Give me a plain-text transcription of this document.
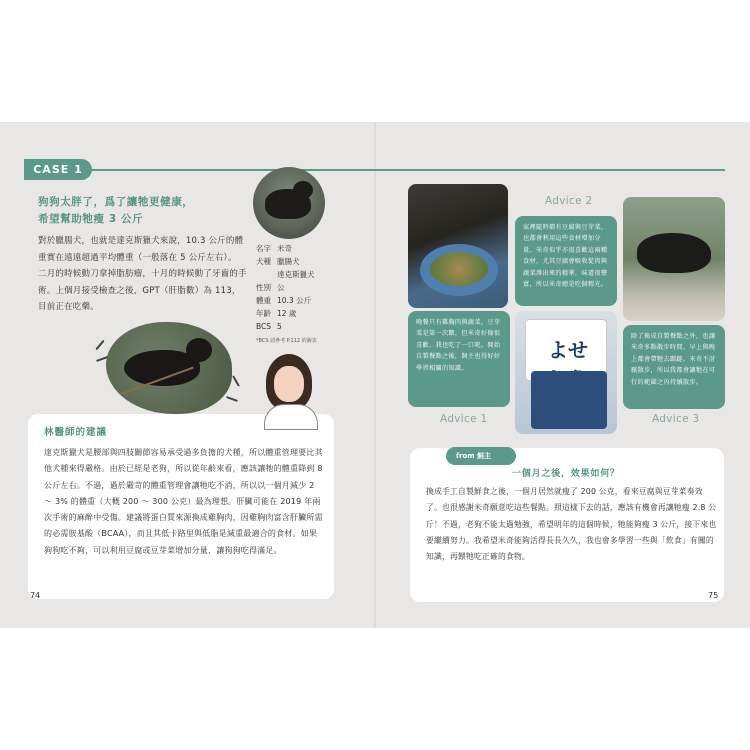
CASE 1
狗狗太胖了，爲了讓牠更健康，
希望幫助牠瘦 3 公斤

對於臘腸犬，也就是達克斯獵犬來說，10.3 公斤的體重實在遠遠超過平均體重（一般落在 5 公斤左右）。

二月的時候動刀拿掉脂肪瘤，十月的時候動了牙齒的手術。上個月接受檢查之後，GPT（肝脂數）為 113，目前正在吃藥。

名字 米奇
犬種 臘腸犬
達克斯獵犬
性別 公
體重 10.3 公斤
年齡 12 歲
BCS 5
*BCS 請參考 P.112 的圖表
林醫師的建議
達克斯獵犬是腰部與四肢關節容易承受過多負擔的犬種，所以體重管理要比其他犬種來得嚴格。由於已經是老狗，所以從年齡來看，應該讓牠的體重降到 8 公斤左右。不過，過於嚴苛的體重管理會讓牠吃不消，所以以一個月減少 2 ～ 3% 的體重（大概 200 ～ 300 公克）最為理想。肝臟可能在 2019 年兩次手術的麻醉中受傷。建議將蛋白質來源換成雞胸肉，因雞胸肉富含肝臟所需的必需胺基酸（BCAA），而且其低卡路里與低脂是減重最適合的食材。如果狗狗吃不夠，可以利用豆腐或豆芽菜增加分量，讓狗狗吃得滿足。
74
Advice 2
家裡隨時都有豆腐與豆芽菜，也都會利用這些食材增加分量。米奇似乎亦很喜歡這兩種食材，尤其豆腐會吸收從肉與蔬菜滲出來的精華，味道很豐富，所以米奇總是吃個精光。
晚餐只有雞胸肉與蔬菜，豆芽菜是第一次餵，但米奇好像很喜歡，我也吃了一口呢。開始自製餐點之後，飼主也得好好學習相關的知識。
Advice 1
よせ
除了換成自製餐點之外，也讓米奇多點散步時間。早上與晚上都會帶牠去蹓躂。米奇不討厭散步，所以我都會讓牠在可行的範圍之內持續散步。
Advice 3
from 飼主
一個月之後，效果如何？
換成手工自製鮮食之後，一個月居然就瘦了 200 公克，看來豆腐與豆芽菜奏效了。也很感謝米奇願意吃這些餐點。照這樣下去的話，應該有機會再讓牠瘦 2.8 公斤！不過，老狗不能太過勉強，希望明年的這個時候，牠能夠瘦 3 公斤，接下來也要繼續努力。我希望米奇能夠活得長長久久，我也會多學習一些與「飲食」有關的知識，再餵牠吃正確的食物。
75
